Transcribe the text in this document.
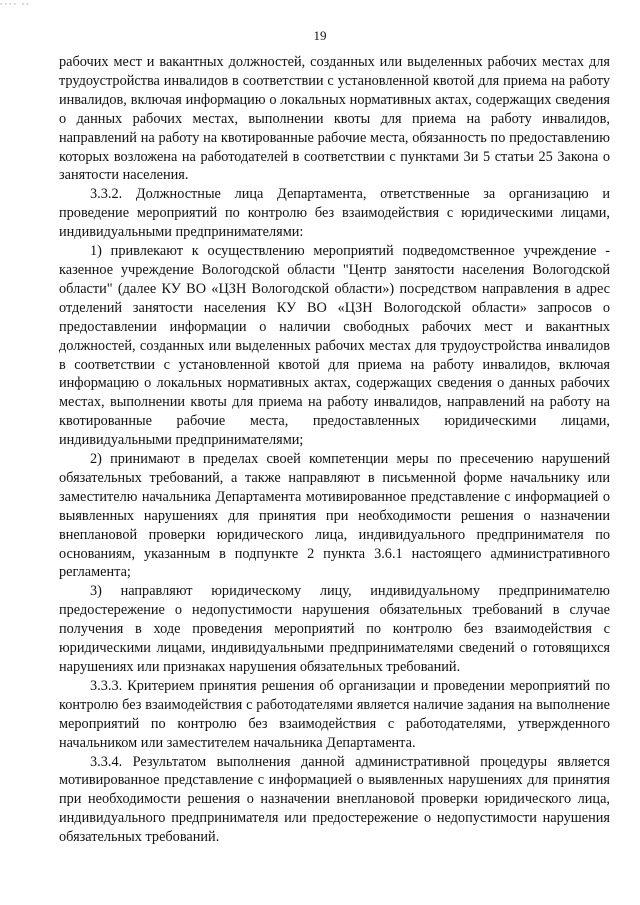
▪▪▪▪ ▪▪
19

рабочих мест и вакантных должностей, созданных или выделенных рабочих местах для трудоустройства инвалидов в соответствии с установленной квотой для приема на работу инвалидов, включая информацию о локальных нормативных актах, содержащих сведения о данных рабочих местах, выполнении квоты для приема на работу инвалидов, направлений на работу на квотированные рабочие места, обязанность по предоставлению которых возложена на работодателей в соответствии с пунктами 3и 5 статьи 25 Закона о занятости населения.

3.3.2. Должностные лица Департамента, ответственные за организацию и проведение мероприятий по контролю без взаимодействия с юридическими лицами, индивидуальными предпринимателями:

1) привлекают к осуществлению мероприятий подведомственное учреждение - казенное учреждение Вологодской области "Центр занятости населения Вологодской области" (далее КУ ВО «ЦЗН Вологодской области») посредством направления в адрес отделений занятости населения КУ ВО «ЦЗН Вологодской области» запросов о предоставлении информации о наличии свободных рабочих мест и вакантных должностей, созданных или выделенных рабочих местах для трудоустройства инвалидов в соответствии с установленной квотой для приема на работу инвалидов, включая информацию о локальных нормативных актах, содержащих сведения о данных рабочих местах, выполнении квоты для приема на работу инвалидов, направлений на работу на квотированные рабочие места, предоставленных юридическими лицами, индивидуальными предпринимателями;

2) принимают в пределах своей компетенции меры по пресечению нарушений обязательных требований, а также направляют в письменной форме начальнику или заместителю начальника Департамента мотивированное представление с информацией о выявленных нарушениях для принятия при необходимости решения о назначении внеплановой проверки юридического лица, индивидуального предпринимателя по основаниям, указанным в подпункте 2 пункта 3.6.1 настоящего административного регламента;

3) направляют юридическому лицу, индивидуальному предпринимателю предостережение о недопустимости нарушения обязательных требований в случае получения в ходе проведения мероприятий по контролю без взаимодействия с юридическими лицами, индивидуальными предпринимателями сведений о готовящихся нарушениях или признаках нарушения обязательных требований.

3.3.3. Критерием принятия решения об организации и проведении мероприятий по контролю без взаимодействия с работодателями является наличие задания на выполнение мероприятий по контролю без взаимодействия с работодателями, утвержденного начальником или заместителем начальника Департамента.

3.3.4. Результатом выполнения данной административной процедуры является мотивированное представление с информацией о выявленных нарушениях для принятия при необходимости решения о назначении внеплановой проверки юридического лица, индивидуального предпринимателя или предостережение о недопустимости нарушения обязательных требований.
